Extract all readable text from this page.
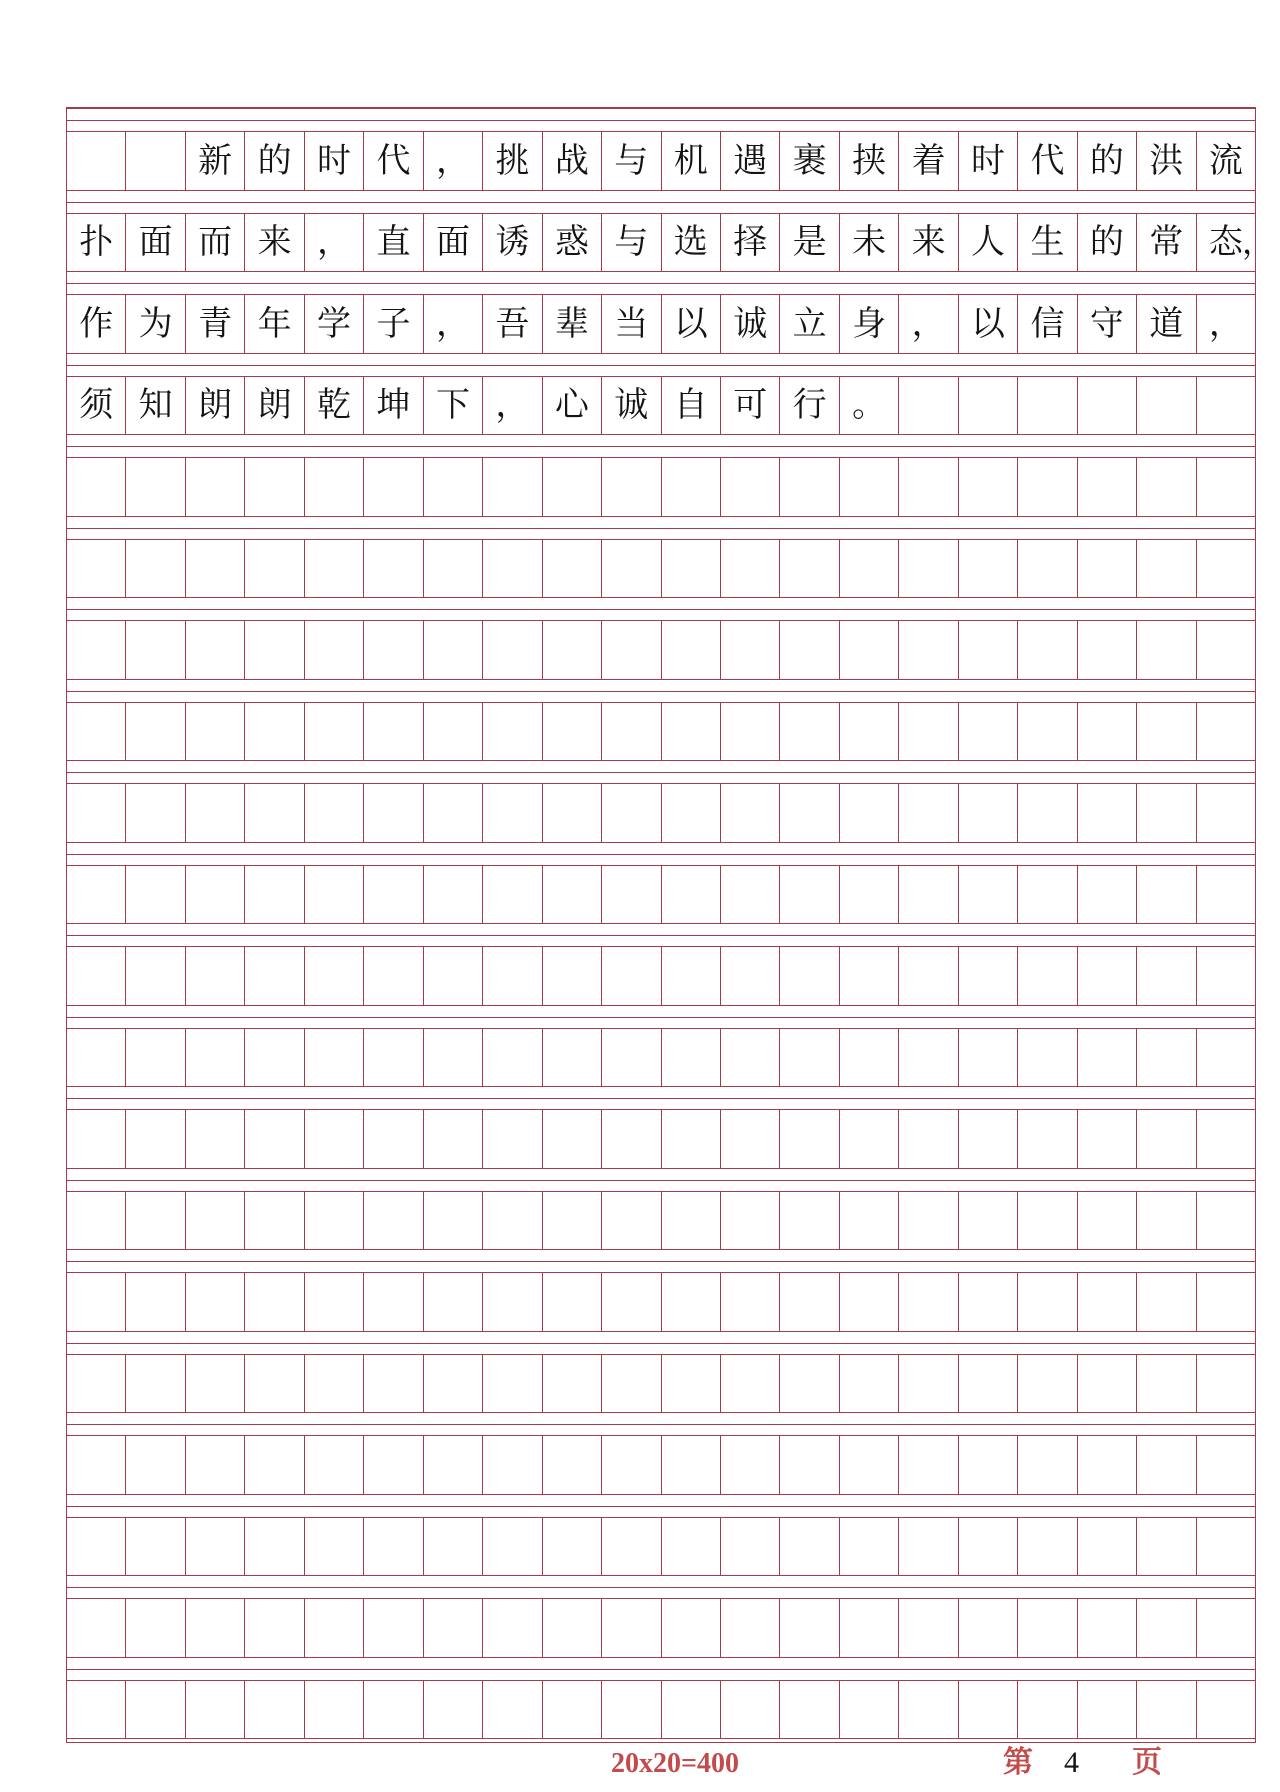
新 的 时 代 ， 挑 战 与 机 遇 裹 挟 着 时 代 的 洪 流
扑 面 而 来 ， 直 面 诱 惑 与 选 择 是 未 来 人 生 的 常 态 ，
作 为 青 年 学 子 ， 吾 辈 当 以 诚 立 身 ， 以 信 守 道 ，
须 知 朗 朗 乾 坤 下 ， 心 诚 自 可 行 。
20x20=400	第 4 页
